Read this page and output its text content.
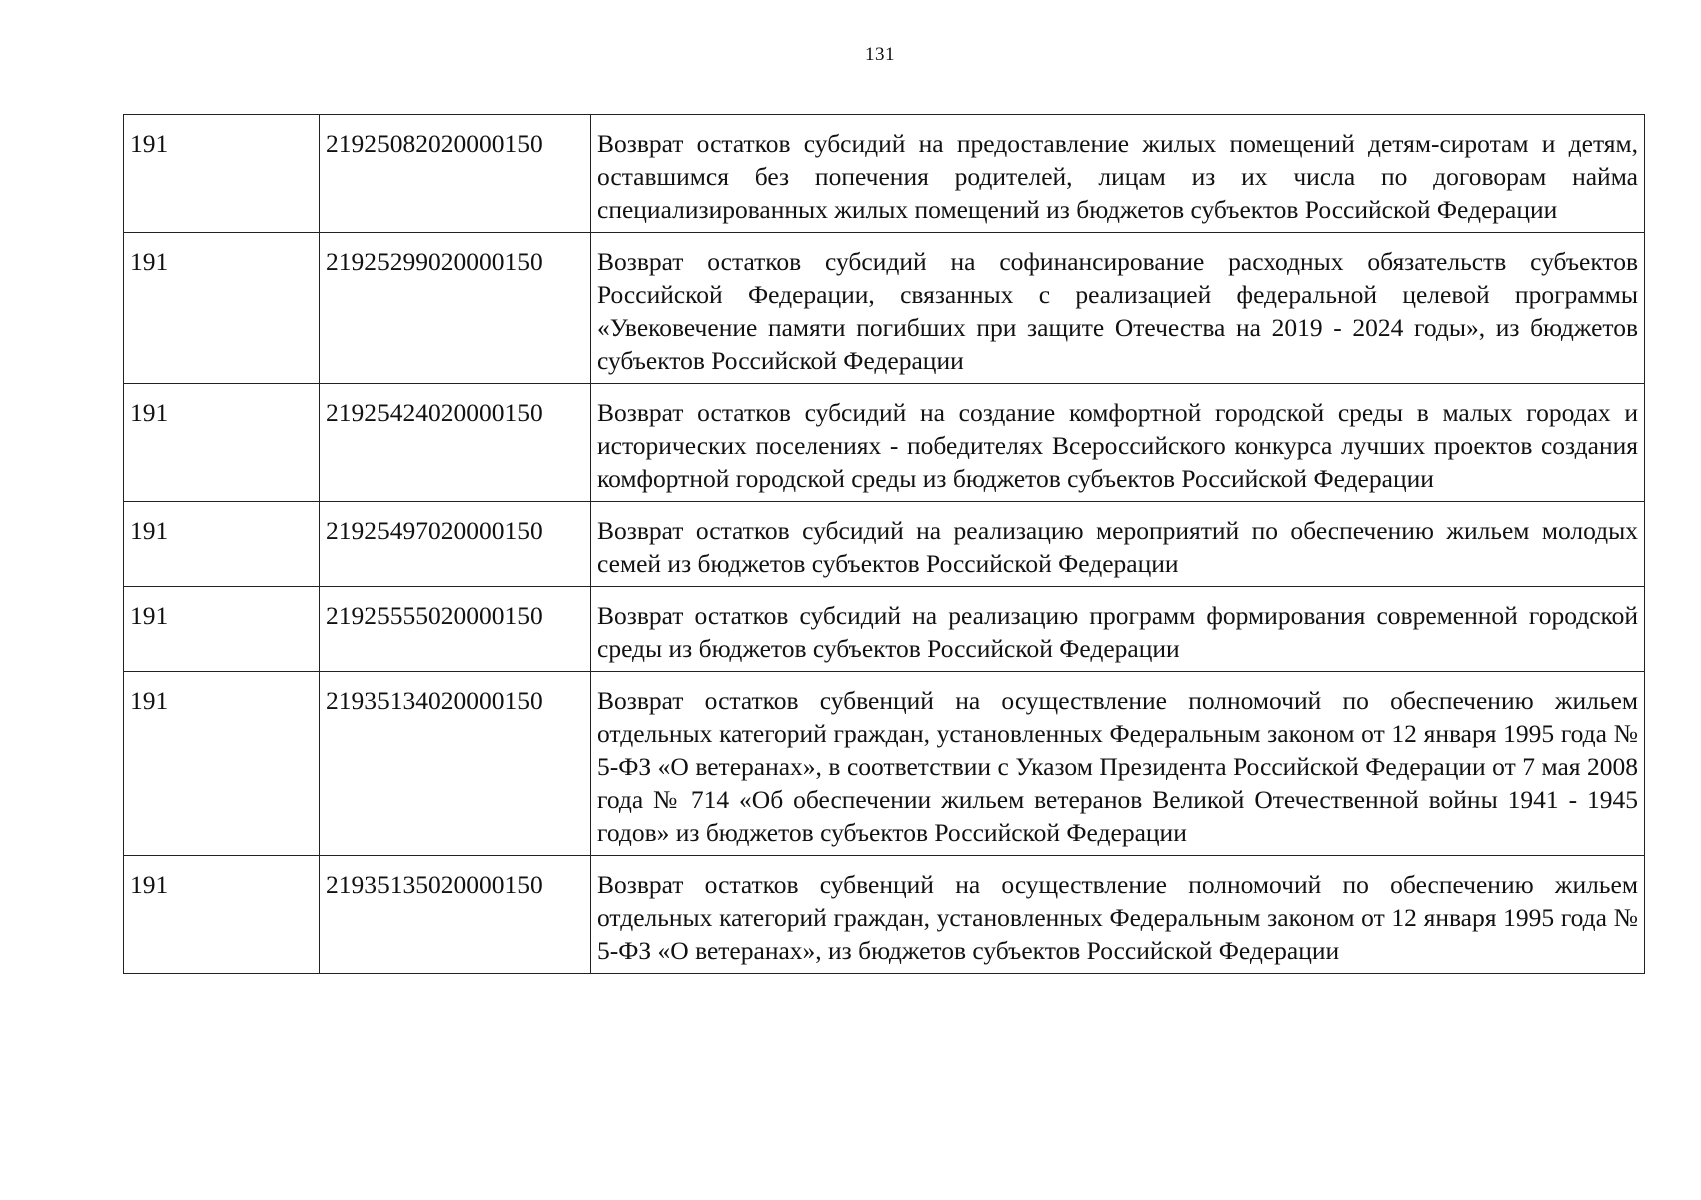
131
191	21925082020000150	Возврат остатков субсидий на предоставление жилых помещений детям-сиротам и детям, оставшимся без попечения родителей, лицам из их числа по договорам найма специализированных жилых помещений из бюджетов субъектов Российской Федерации
191	21925299020000150	Возврат остатков субсидий на софинансирование расходных обязательств субъектов Российской Федерации, связанных с реализацией федеральной целевой программы «Увековечение памяти погибших при защите Отечества на 2019 - 2024 годы», из бюджетов субъектов Российской Федерации
191	21925424020000150	Возврат остатков субсидий на создание комфортной городской среды в малых городах и исторических поселениях - победителях Всероссийского конкурса лучших проектов создания комфортной городской среды из бюджетов субъектов Российской Федерации
191	21925497020000150	Возврат остатков субсидий на реализацию мероприятий по обеспечению жильем молодых семей из бюджетов субъектов Российской Федерации
191	21925555020000150	Возврат остатков субсидий на реализацию программ формирования современной городской среды из бюджетов субъектов Российской Федерации
191	21935134020000150	Возврат остатков субвенций на осуществление полномочий по обеспечению жильем отдельных категорий граждан, установленных Федеральным законом от 12 января 1995 года № 5-ФЗ «О ветеранах», в соответствии с Указом Президента Российской Федерации от 7 мая 2008 года № 714 «Об обеспечении жильем ветеранов Великой Отечественной войны 1941 - 1945 годов» из бюджетов субъектов Российской Федерации
191	21935135020000150	Возврат остатков субвенций на осуществление полномочий по обеспечению жильем отдельных категорий граждан, установленных Федеральным законом от 12 января 1995 года № 5-ФЗ «О ветеранах», из бюджетов субъектов Российской Федерации
